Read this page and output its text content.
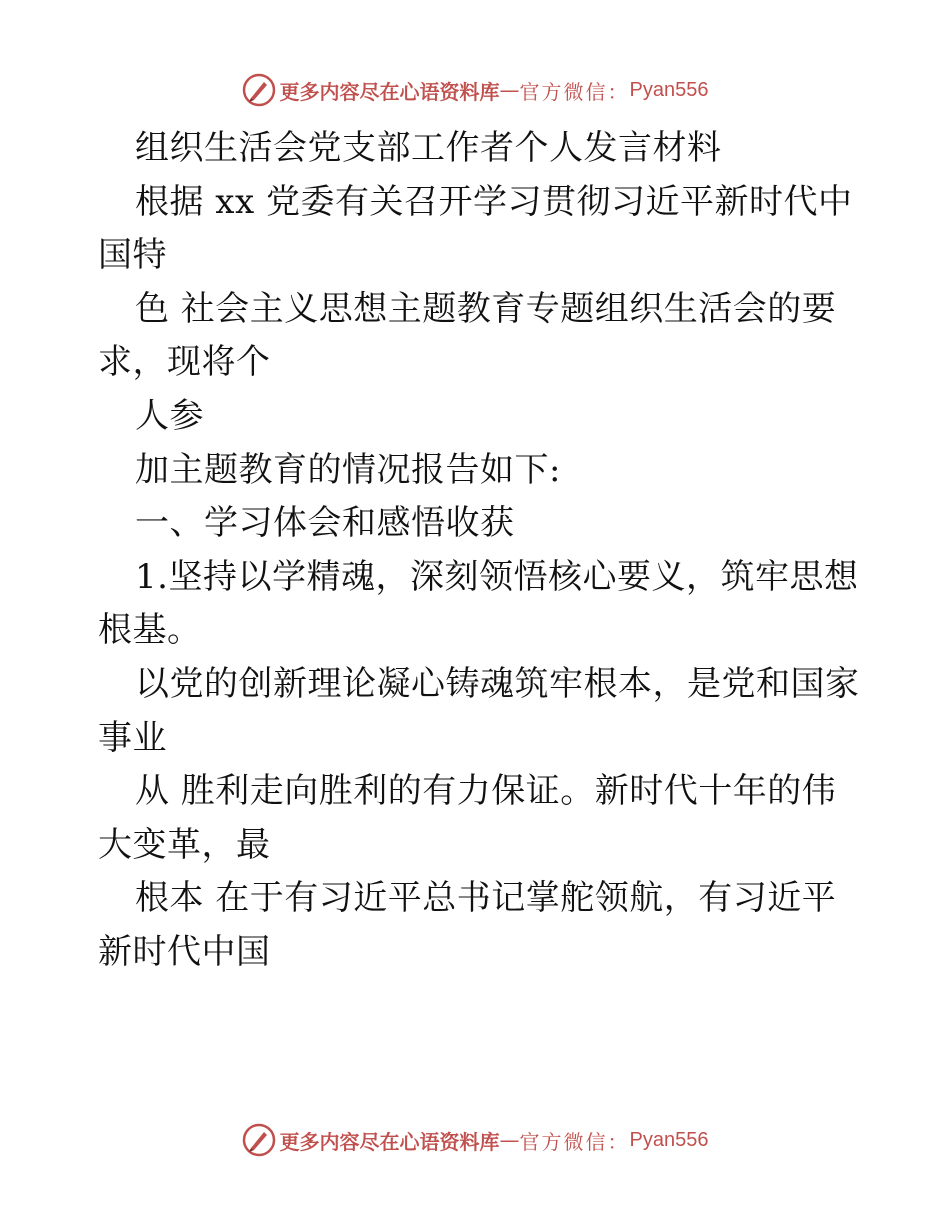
更多内容尽在心语资料库 — 官方微信： Pyan556
组织生活会党支部工作者个人发言材料
根据 xx 党委有关召开学习贯彻习近平新时代中
国特
色 社会主义思想主题教育专题组织生活会的要
求，现将个
人参
加主题教育的情况报告如下:
一、学习体会和感悟收获
1.坚持以学精魂，深刻领悟核心要义，筑牢思想
根基。
以党的创新理论凝心铸魂筑牢根本，是党和国家
事业
从 胜利走向胜利的有力保证。新时代十年的伟
大变革，最
根本 在于有习近平总书记掌舵领航，有习近平
新时代中国
更多内容尽在心语资料库 — 官方微信： Pyan556
